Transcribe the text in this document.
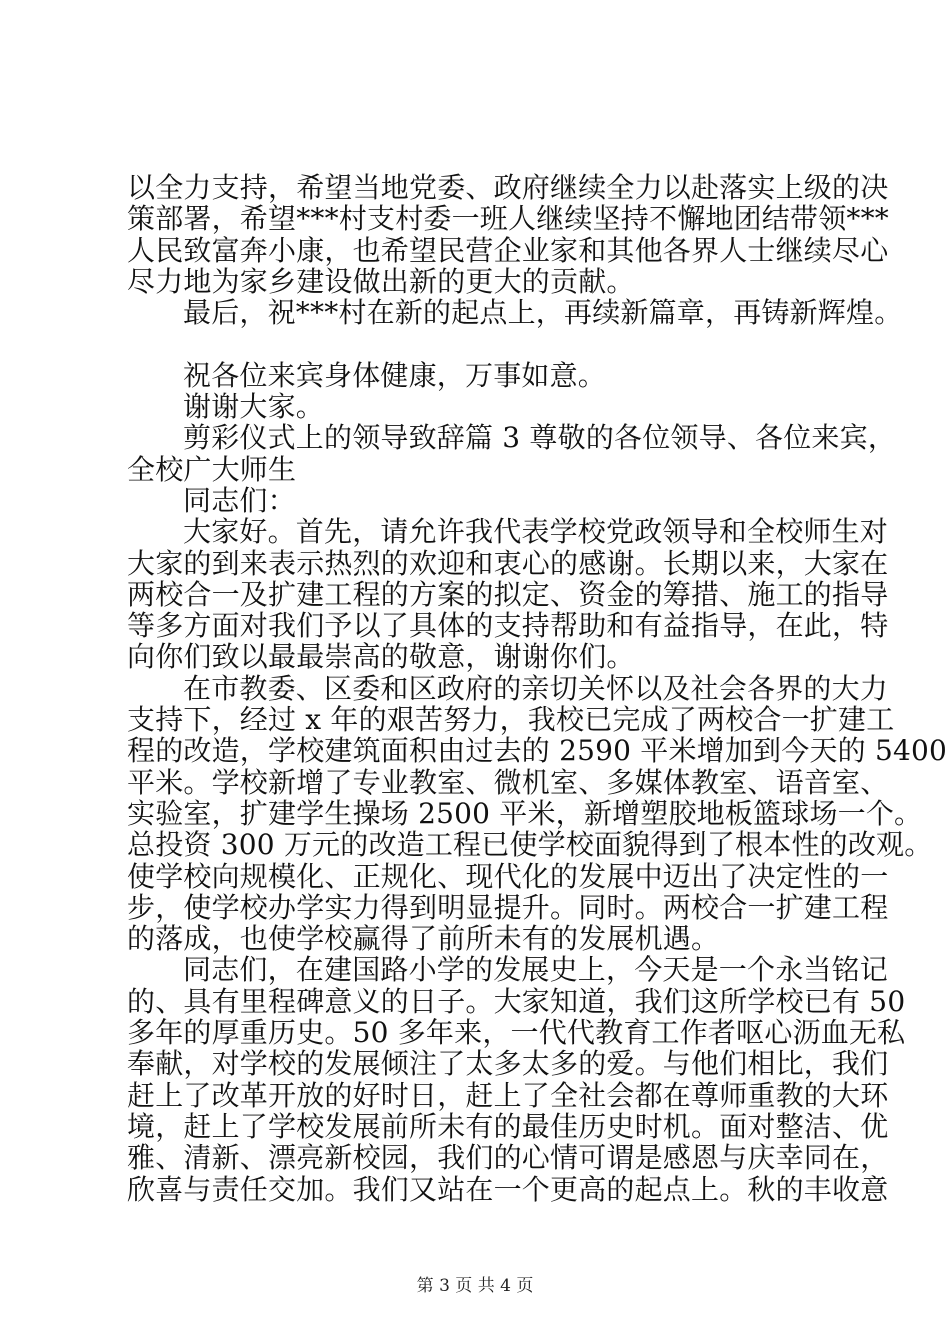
以全力支持，希望当地党委、政府继续全力以赴落实上级的决
策部署，希望***村支村委一班人继续坚持不懈地团结带领***
人民致富奔小康，也希望民营企业家和其他各界人士继续尽心
尽力地为家乡建设做出新的更大的贡献。
最后，祝***村在新的起点上，再续新篇章，再铸新辉煌。
祝各位来宾身体健康，万事如意。
谢谢大家。
剪彩仪式上的领导致辞篇 3 尊敬的各位领导、各位来宾，
全校广大师生
同志们：
大家好。首先，请允许我代表学校党政领导和全校师生对
大家的到来表示热烈的欢迎和衷心的感谢。长期以来，大家在
两校合一及扩建工程的方案的拟定、资金的筹措、施工的指导
等多方面对我们予以了具体的支持帮助和有益指导，在此，特
向你们致以最最崇高的敬意，谢谢你们。
在市教委、区委和区政府的亲切关怀以及社会各界的大力
支持下，经过 x 年的艰苦努力，我校已完成了两校合一扩建工
程的改造，学校建筑面积由过去的 2590 平米增加到今天的 5400
平米。学校新增了专业教室、微机室、多媒体教室、语音室、
实验室，扩建学生操场 2500 平米，新增塑胶地板篮球场一个。
总投资 300 万元的改造工程已使学校面貌得到了根本性的改观。
使学校向规模化、正规化、现代化的发展中迈出了决定性的一
步，使学校办学实力得到明显提升。同时。两校合一扩建工程
的落成，也使学校赢得了前所未有的发展机遇。
同志们，在建国路小学的发展史上，今天是一个永当铭记
的、具有里程碑意义的日子。大家知道，我们这所学校已有 50
多年的厚重历史。50 多年来，一代代教育工作者呕心沥血无私
奉献，对学校的发展倾注了太多太多的爱。与他们相比，我们
赶上了改革开放的好时日，赶上了全社会都在尊师重教的大环
境，赶上了学校发展前所未有的最佳历史时机。面对整洁、优
雅、清新、漂亮新校园，我们的心情可谓是感恩与庆幸同在，
欣喜与责任交加。我们又站在一个更高的起点上。秋的丰收意
第 3 页 共 4 页
